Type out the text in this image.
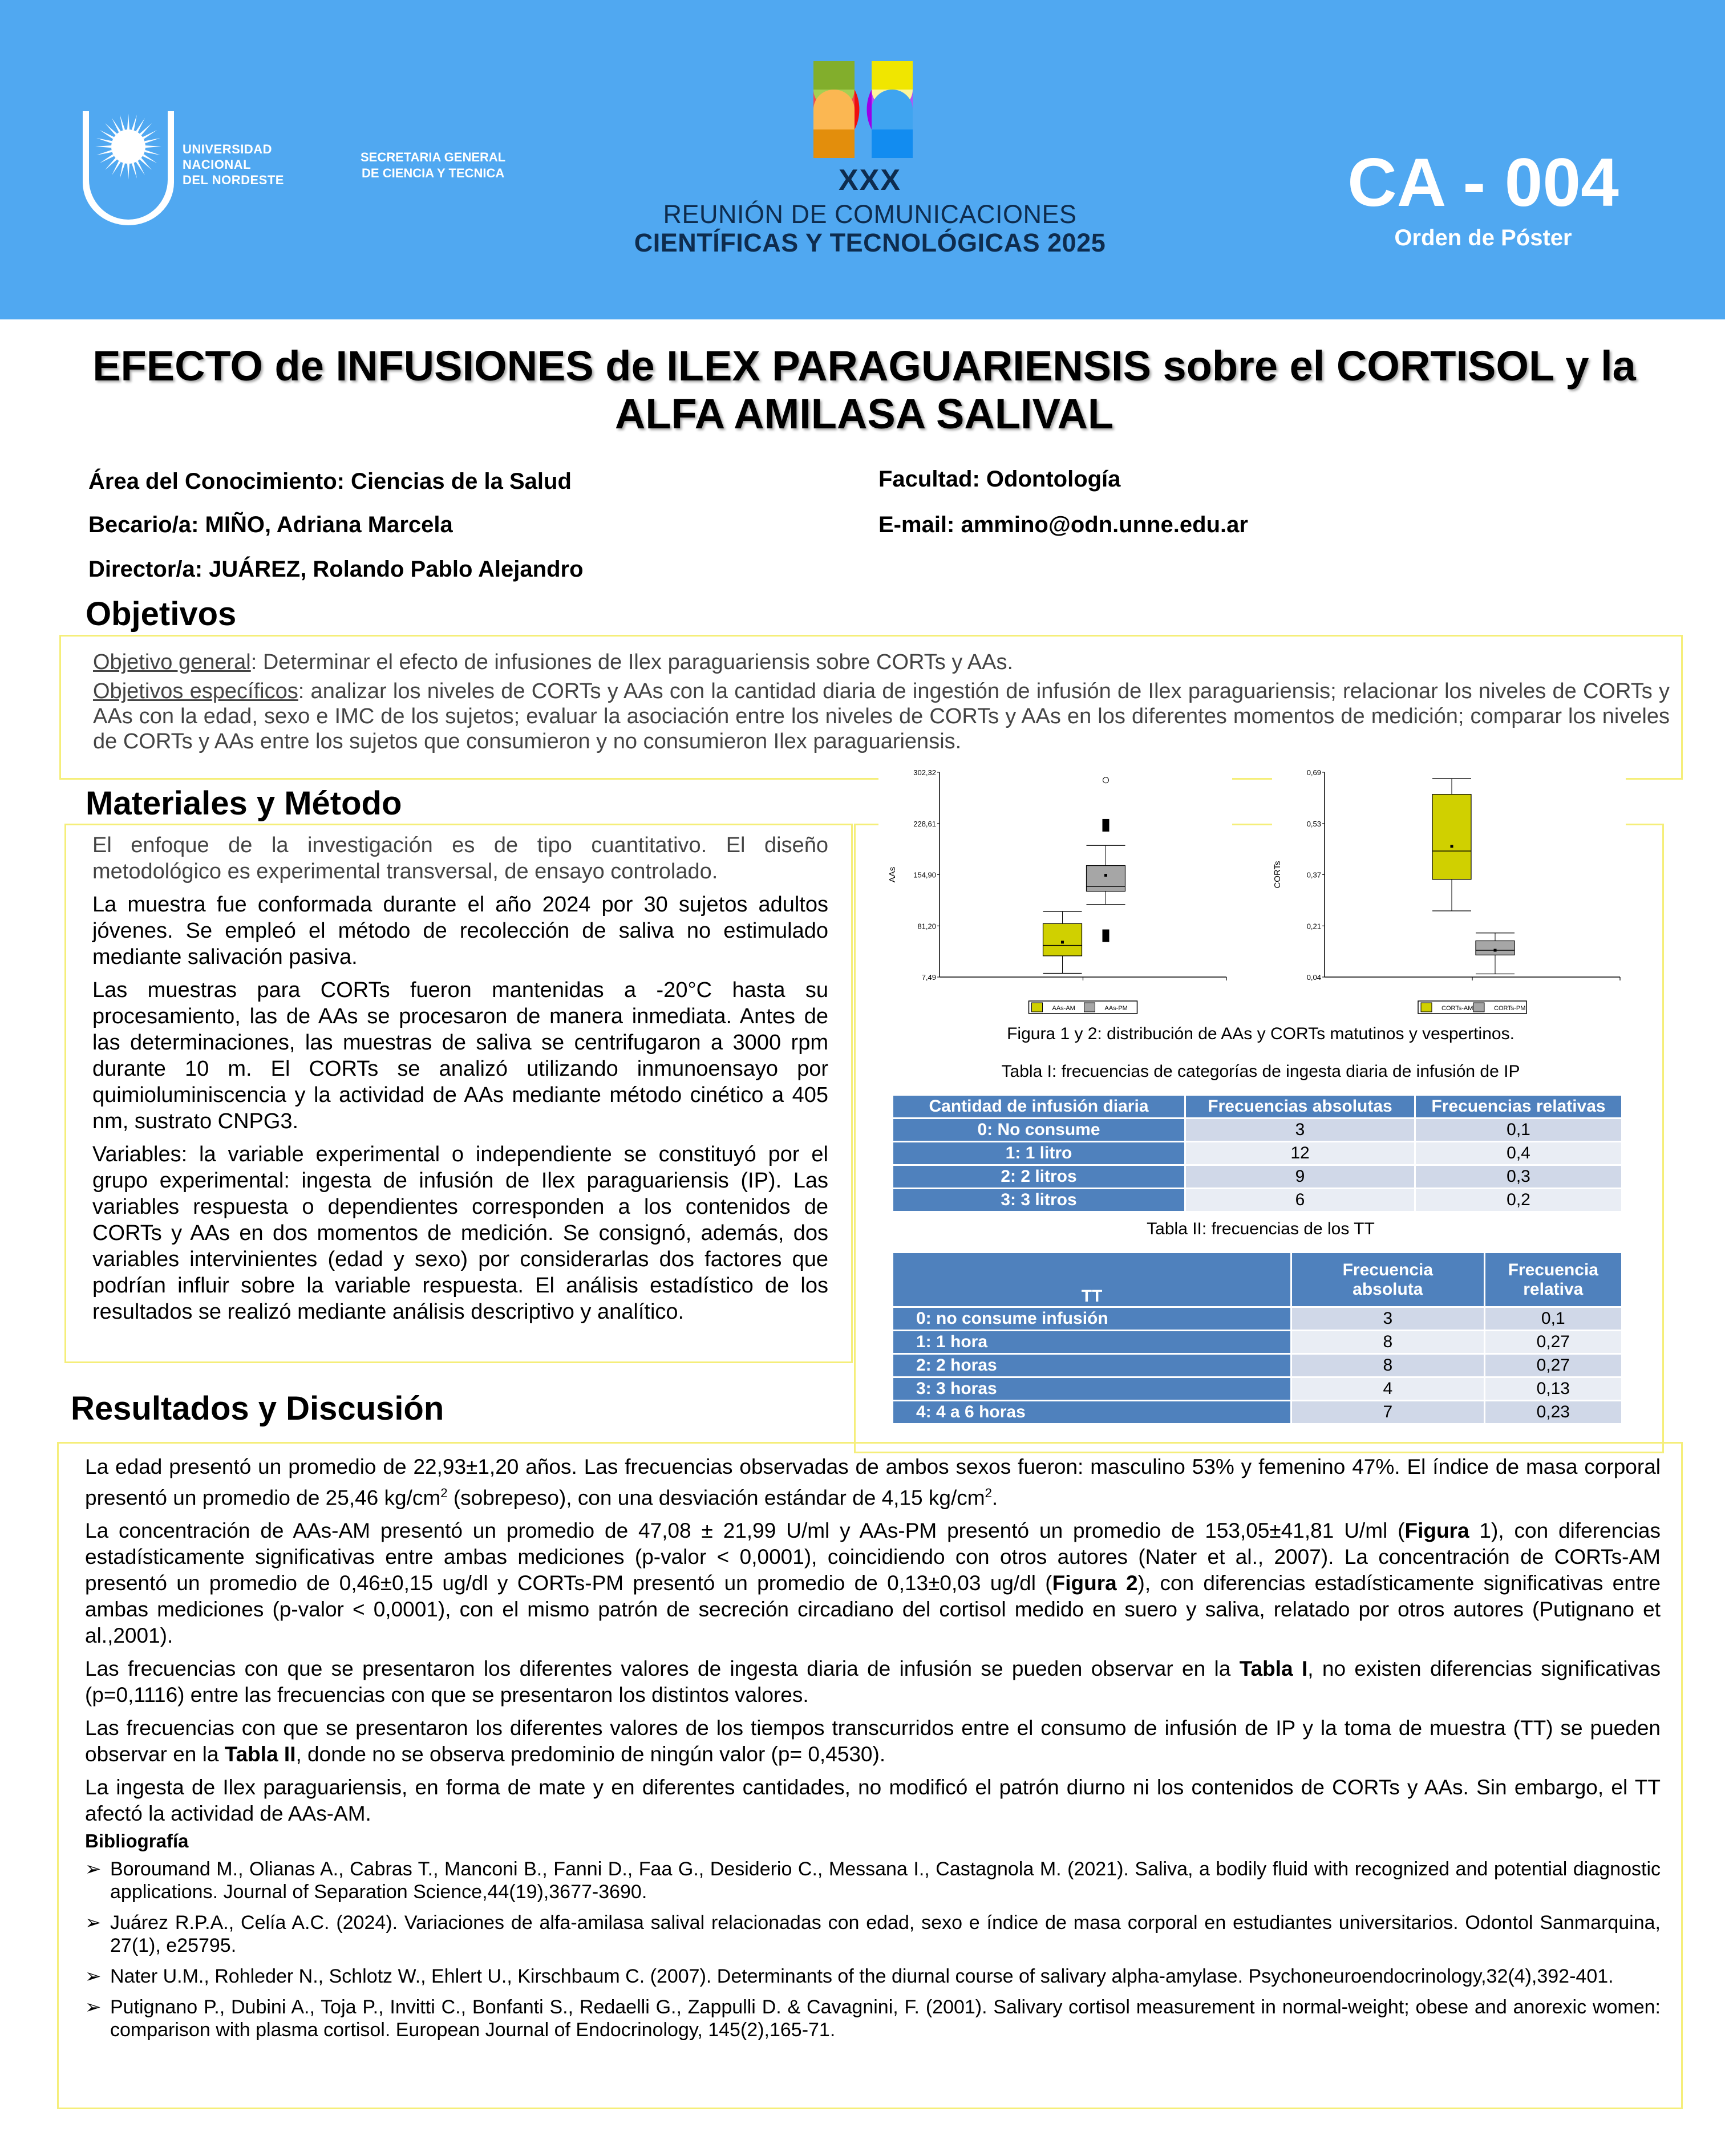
UNIVERSIDAD
NACIONAL
DEL NORDESTE
SECRETARIA GENERAL
DE CIENCIA Y TECNICA	XXX
REUNIÓN DE COMUNICACIONES
CIENTÍFICAS Y TECNOLÓGICAS 2025
CA - 004
Orden de Póster
EFECTO de INFUSIONES de ILEX PARAGUARIENSIS sobre el CORTISOL y la ALFA AMILASA SALIVAL
Área del Conocimiento: Ciencias de la Salud
Becario/a: MIÑO, Adriana Marcela
Director/a: JUÁREZ, Rolando Pablo Alejandro
Facultad: Odontología
E-mail: ammino@odn.unne.edu.ar
Objetivos

Objetivo general: Determinar el efecto de infusiones de Ilex paraguariensis sobre CORTs y AAs.

Objetivos específicos: analizar los niveles de CORTs y AAs con la cantidad diaria de ingestión de infusión de Ilex paraguariensis; relacionar los niveles de CORTs y AAs con la edad, sexo e IMC de los sujetos; evaluar la asociación entre los niveles de CORTs y AAs en los diferentes momentos de medición; comparar los niveles de CORTs y AAs entre los sujetos que consumieron y no consumieron Ilex paraguariensis.

Materiales y Método

El enfoque de la investigación es de tipo cuantitativo. El diseño metodológico es experimental transversal, de ensayo controlado.

La muestra fue conformada durante el año 2024 por 30 sujetos adultos jóvenes. Se empleó el método de recolección de saliva no estimulado mediante salivación pasiva.

Las muestras para CORTs fueron mantenidas a -20°C hasta su procesamiento, las de AAs se procesaron de manera inmediata. Antes de las determinaciones, las muestras de saliva se centrifugaron a 3000 rpm durante 10 m. El CORTs se analizó utilizando inmunoensayo por quimioluminiscencia y la actividad de AAs mediante método cinético a 405 nm, sustrato CNPG3.

Variables: la variable experimental o independiente se constituyó por el grupo experimental: ingesta de infusión de Ilex paraguariensis (IP). Las variables respuesta o dependientes corresponden a los contenidos de CORTs y AAs en dos momentos de medición. Se consignó, además, dos variables intervinientes (edad y sexo) por considerarlas dos factores que podrían influir sobre la variable respuesta. El análisis estadístico de los resultados se realizó mediante análisis descriptivo y analítico.

7,49
81,20
154,90
228,61
302,32
AAs
AAs-AM	AAs-PM
0,04
0,21
0,37
0,53
0,69
CORTs
CORTs-AM	CORTs-PM
Figura 1 y 2: distribución de AAs y CORTs matutinos y vespertinos.
Tabla I: frecuencias de categorías de ingesta diaria de infusión de IP
Cantidad de infusión diaria	Frecuencias absolutas	Frecuencias relativas
0: No consume	3	0,1
1: 1 litro	12	0,4
2: 2 litros	9	0,3
3: 3 litros	6	0,2
Tabla II: frecuencias de los TT
TT	Frecuencia absoluta	Frecuencia relativa
0: no consume infusión	3	0,1
1: 1 hora	8	0,27
2: 2 horas	8	0,27
3: 3 horas	4	0,13
4: 4 a 6 horas	7	0,23
Resultados y Discusión

La edad presentó un promedio de 22,93±1,20 años. Las frecuencias observadas de ambos sexos fueron: masculino 53% y femenino 47%. El índice de masa corporal presentó un promedio de 25,46 $kg/cm^2$ (sobrepeso), con una desviación estándar de 4,15 $kg/cm^2$.

La concentración de AAs-AM presentó un promedio de 47,08 ± 21,99 U/ml y AAs-PM presentó un promedio de 153,05±41,81 U/ml (Figura 1), con diferencias estadísticamente significativas entre ambas mediciones (p-valor < 0,0001), coincidiendo con otros autores (Nater et al., 2007). La concentración de CORTs-AM presentó un promedio de 0,46±0,15 ug/dl y CORTs-PM presentó un promedio de 0,13±0,03 ug/dl (Figura 2), con diferencias estadísticamente significativas entre ambas mediciones (p-valor < 0,0001), con el mismo patrón de secreción circadiano del cortisol medido en suero y saliva, relatado por otros autores (Putignano et al.,2001).

Las frecuencias con que se presentaron los diferentes valores de ingesta diaria de infusión se pueden observar en la Tabla I, no existen diferencias significativas (p=0,1116) entre las frecuencias con que se presentaron los distintos valores.

Las frecuencias con que se presentaron los diferentes valores de los tiempos transcurridos entre el consumo de infusión de IP y la toma de muestra (TT) se pueden observar en la Tabla II, donde no se observa predominio de ningún valor (p= 0,4530).

La ingesta de Ilex paraguariensis, en forma de mate y en diferentes cantidades, no modificó el patrón diurno ni los contenidos de CORTs y AAs. Sin embargo, el TT afectó la actividad de AAs-AM.

Bibliografía
➢ Boroumand M., Olianas A., Cabras T., Manconi B., Fanni D., Faa G., Desiderio C., Messana I., Castagnola M. (2021). Saliva, a bodily fluid with recognized and potential diagnostic applications. Journal of Separation Science,44(19),3677-3690.
➢ Juárez R.P.A., Celía A.C. (2024). Variaciones de alfa-amilasa salival relacionadas con edad, sexo e índice de masa corporal en estudiantes universitarios. Odontol Sanmarquina, 27(1), e25795.
➢ Nater U.M., Rohleder N., Schlotz W., Ehlert U., Kirschbaum C. (2007). Determinants of the diurnal course of salivary alpha-amylase. Psychoneuroendocrinology,32(4),392-401.
➢ Putignano P., Dubini A., Toja P., Invitti C., Bonfanti S., Redaelli G., Zappulli D. & Cavagnini, F. (2001). Salivary cortisol measurement in normal-weight; obese and anorexic women: comparison with plasma cortisol. European Journal of Endocrinology, 145(2),165-71.
